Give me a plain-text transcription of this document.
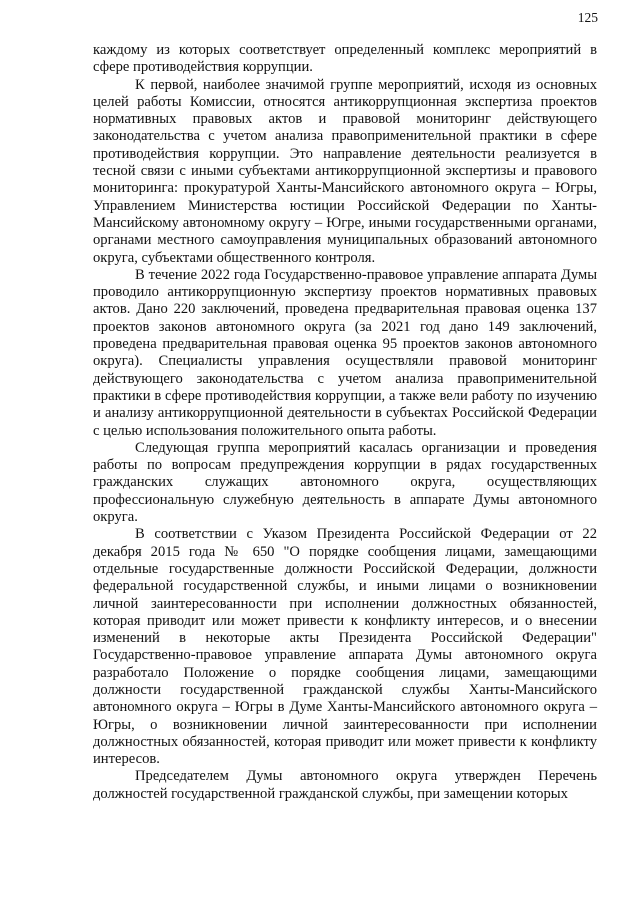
125

каждому из которых соответствует определенный комплекс мероприятий в сфере противодействия коррупции.

К первой, наиболее значимой группе мероприятий, исходя из основных целей работы Комиссии, относятся антикоррупционная экспертиза проектов нормативных правовых актов и правовой мониторинг действующего законодательства с учетом анализа правоприменительной практики в сфере противодействия коррупции. Это направление деятельности реализуется в тесной связи с иными субъектами антикоррупционной экспертизы и правового мониторинга: прокуратурой Ханты-Мансийского автономного округа – Югры, Управлением Министерства юстиции Российской Федерации по Ханты-Мансийскому автономному округу – Югре, иными государственными органами, органами местного самоуправления муниципальных образований автономного округа, субъектами общественного контроля.

В течение 2022 года Государственно-правовое управление аппарата Думы проводило антикоррупционную экспертизу проектов нормативных правовых актов. Дано 220 заключений, проведена предварительная правовая оценка 137 проектов законов автономного округа (за 2021 год дано 149 заключений, проведена предварительная правовая оценка 95 проектов законов автономного округа). Специалисты управления осуществляли правовой мониторинг действующего законодательства с учетом анализа правоприменительной практики в сфере противодействия коррупции, а также вели работу по изучению и анализу антикоррупционной деятельности в субъектах Российской Федерации с целью использования положительного опыта работы.

Следующая группа мероприятий касалась организации и проведения работы по вопросам предупреждения коррупции в рядах государственных гражданских служащих автономного округа, осуществляющих профессиональную служебную деятельность в аппарате Думы автономного округа.

В соответствии с Указом Президента Российской Федерации от 22 декабря 2015 года № 650 "О порядке сообщения лицами, замещающими отдельные государственные должности Российской Федерации, должности федеральной государственной службы, и иными лицами о возникновении личной заинтересованности при исполнении должностных обязанностей, которая приводит или может привести к конфликту интересов, и о внесении изменений в некоторые акты Президента Российской Федерации" Государственно-правовое управление аппарата Думы автономного округа разработало Положение о порядке сообщения лицами, замещающими должности государственной гражданской службы Ханты-Мансийского автономного округа – Югры в Думе Ханты-Мансийского автономного округа – Югры, о возникновении личной заинтересованности при исполнении должностных обязанностей, которая приводит или может привести к конфликту интересов.

Председателем Думы автономного округа утвержден Перечень должностей государственной гражданской службы, при замещении которых
